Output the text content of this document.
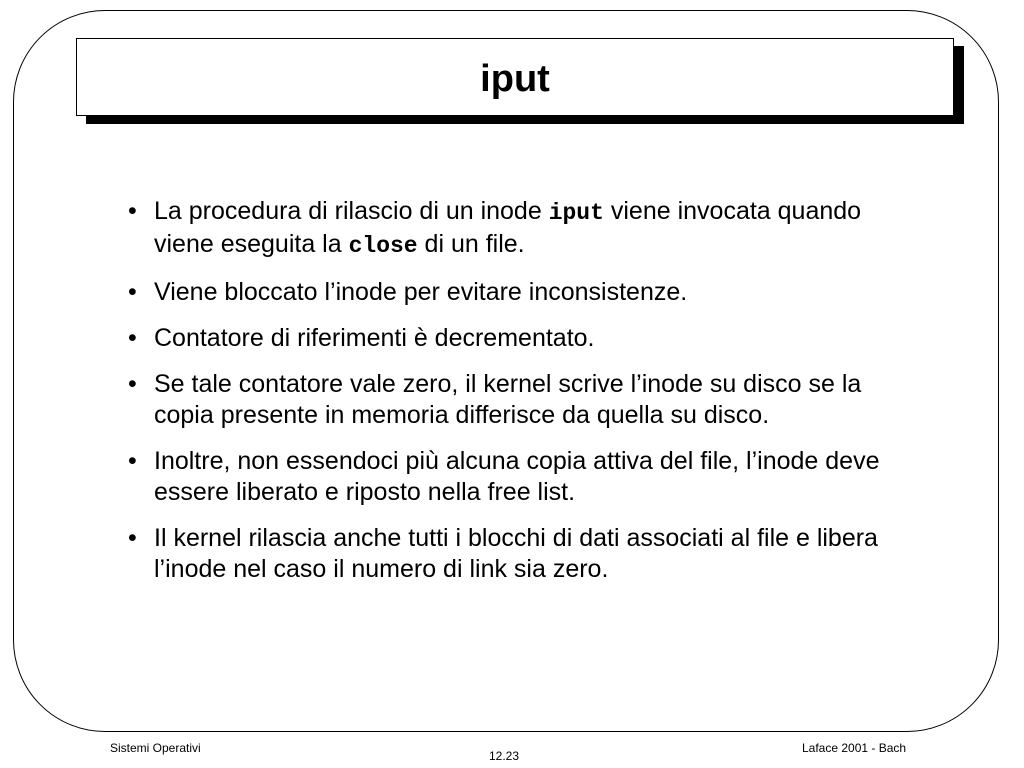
iput
• La procedura di rilascio di un inode iput viene invocata quando viene eseguita la close di un file.
• Viene bloccato l’inode per evitare inconsistenze.
• Contatore di riferimenti è decrementato.
• Se tale contatore vale zero, il kernel scrive l’inode su disco se la copia presente in memoria differisce da quella su disco.
• Inoltre, non essendoci più alcuna copia attiva del file, l’inode deve essere liberato e riposto nella free list.
• Il kernel rilascia anche tutti i blocchi di dati associati al file e libera l’inode nel caso il numero di link sia zero.
Sistemi Operativi
12.23
Laface 2001 - Bach
